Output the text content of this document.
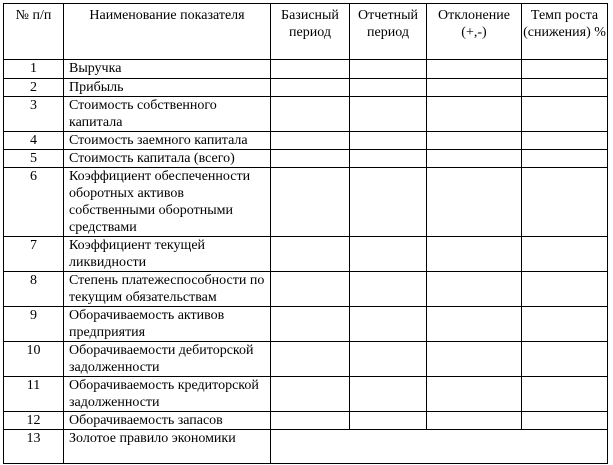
№ п/п	Наименование показателя	Базисный период	Отчетный период	Отклонение (+,-)	Темп роста (снижения) %
1	Выручка				
2	Прибыль				
3	Стоимость собственного капитала				
4	Стоимость заемного капитала				
5	Стоимость капитала (всего)				
6	Коэффициент обеспеченности оборотных активов собственными оборотными средствами				
7	Коэффициент текущей ликвидности				
8	Степень платежеспособности по текущим обязательствам				
9	Оборачиваемость активов предприятия				
10	Оборачиваемости дебиторской задолженности				
11	Оборачиваемость кредиторской задолженности				
12	Оборачиваемость запасов				
13	Золотое правило экономики				
